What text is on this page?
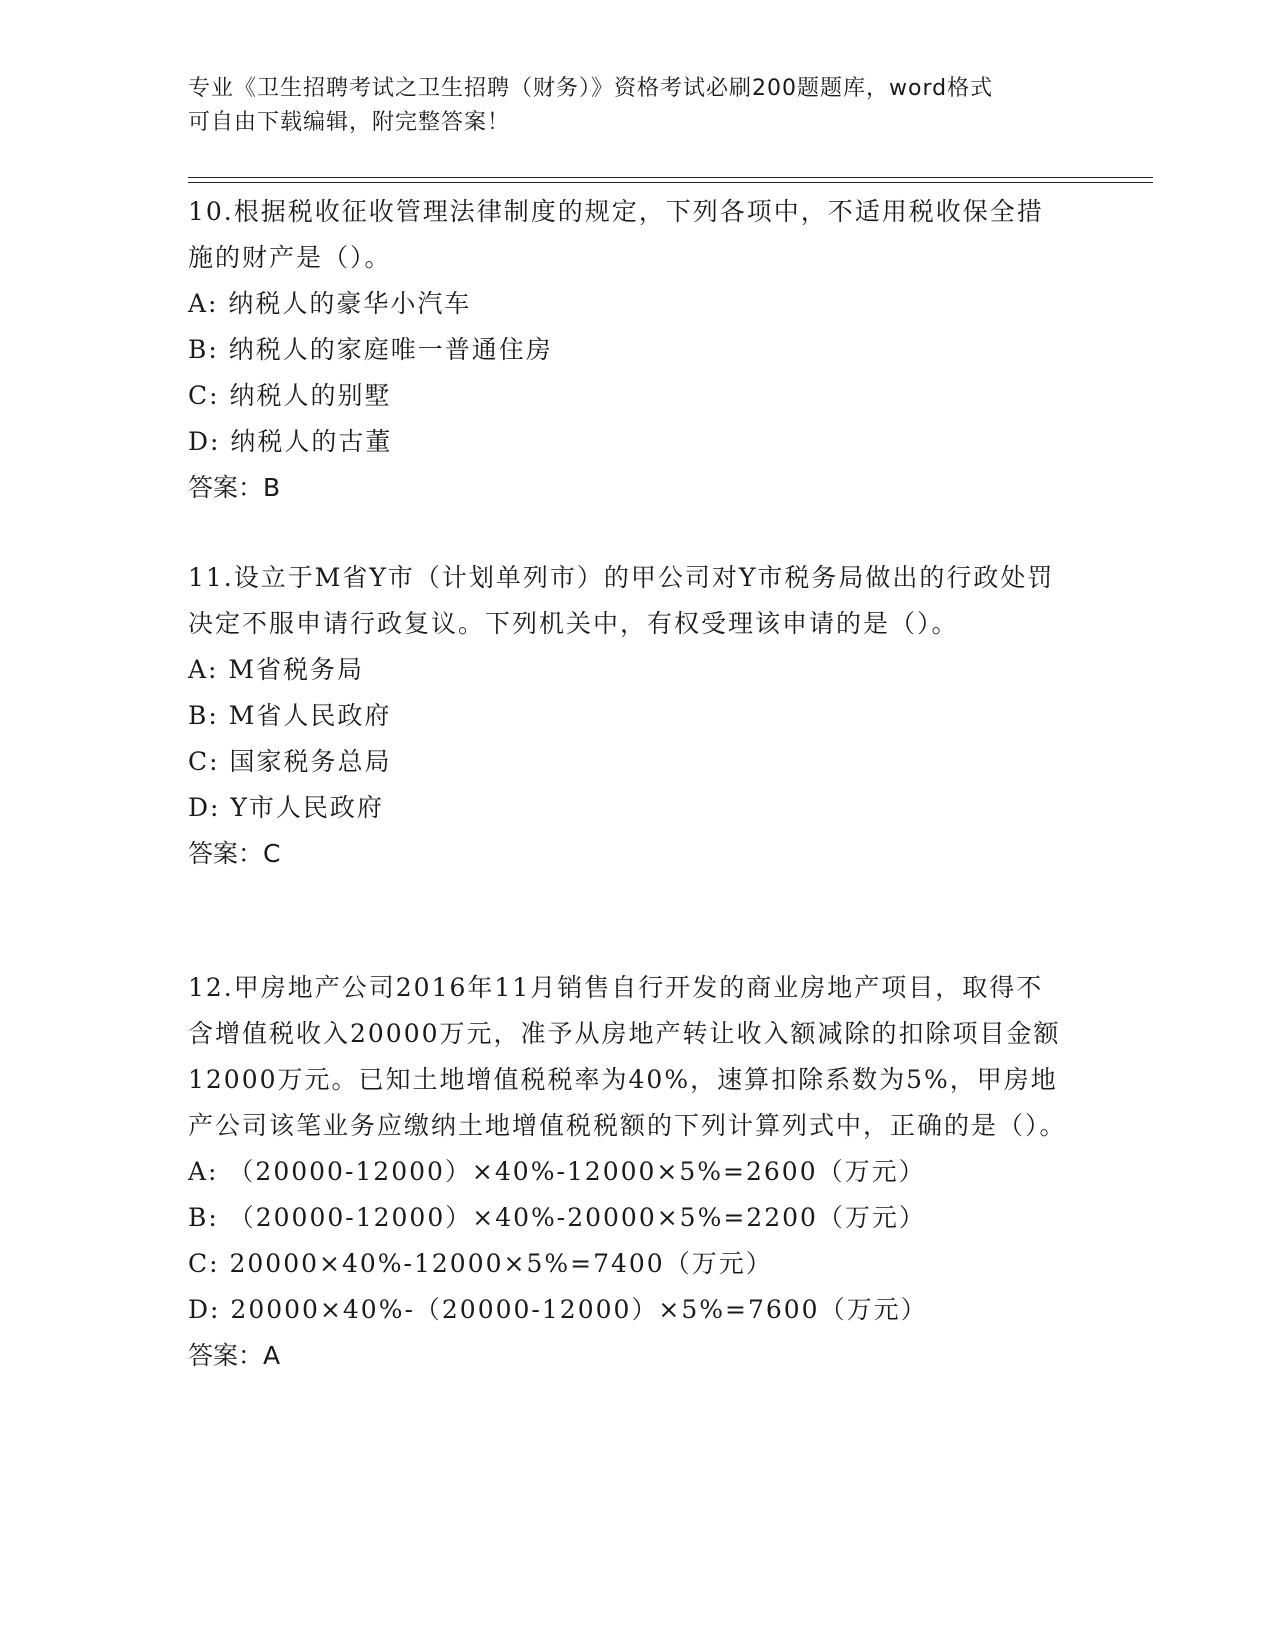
专业《卫生招聘考试之卫生招聘（财务）》资格考试必刷200题题库，word格式
可自由下载编辑，附完整答案！

10.根据税收征收管理法律制度的规定，下列各项中，不适用税收保全措施的财产是（）。

A: 纳税人的豪华小汽车

B: 纳税人的家庭唯一普通住房

C: 纳税人的别墅

D: 纳税人的古董

答案：B

11.设立于M省Y市（计划单列市）的甲公司对Y市税务局做出的行政处罚决定不服申请行政复议。下列机关中，有权受理该申请的是（）。

A: M省税务局

B: M省人民政府

C: 国家税务总局

D: Y市人民政府

答案：C

12.甲房地产公司2016年11月销售自行开发的商业房地产项目，取得不含增值税收入20000万元，准予从房地产转让收入额减除的扣除项目金额12000万元。已知土地增值税税率为40%，速算扣除系数为5%，甲房地产公司该笔业务应缴纳土地增值税税额的下列计算列式中，正确的是（）。

A: （20000-12000）×40%-12000×5%=2600（万元）

B: （20000-12000）×40%-20000×5%=2200（万元）

C: 20000×40%-12000×5%=7400（万元）

D: 20000×40%-（20000-12000）×5%=7600（万元）

答案：A
